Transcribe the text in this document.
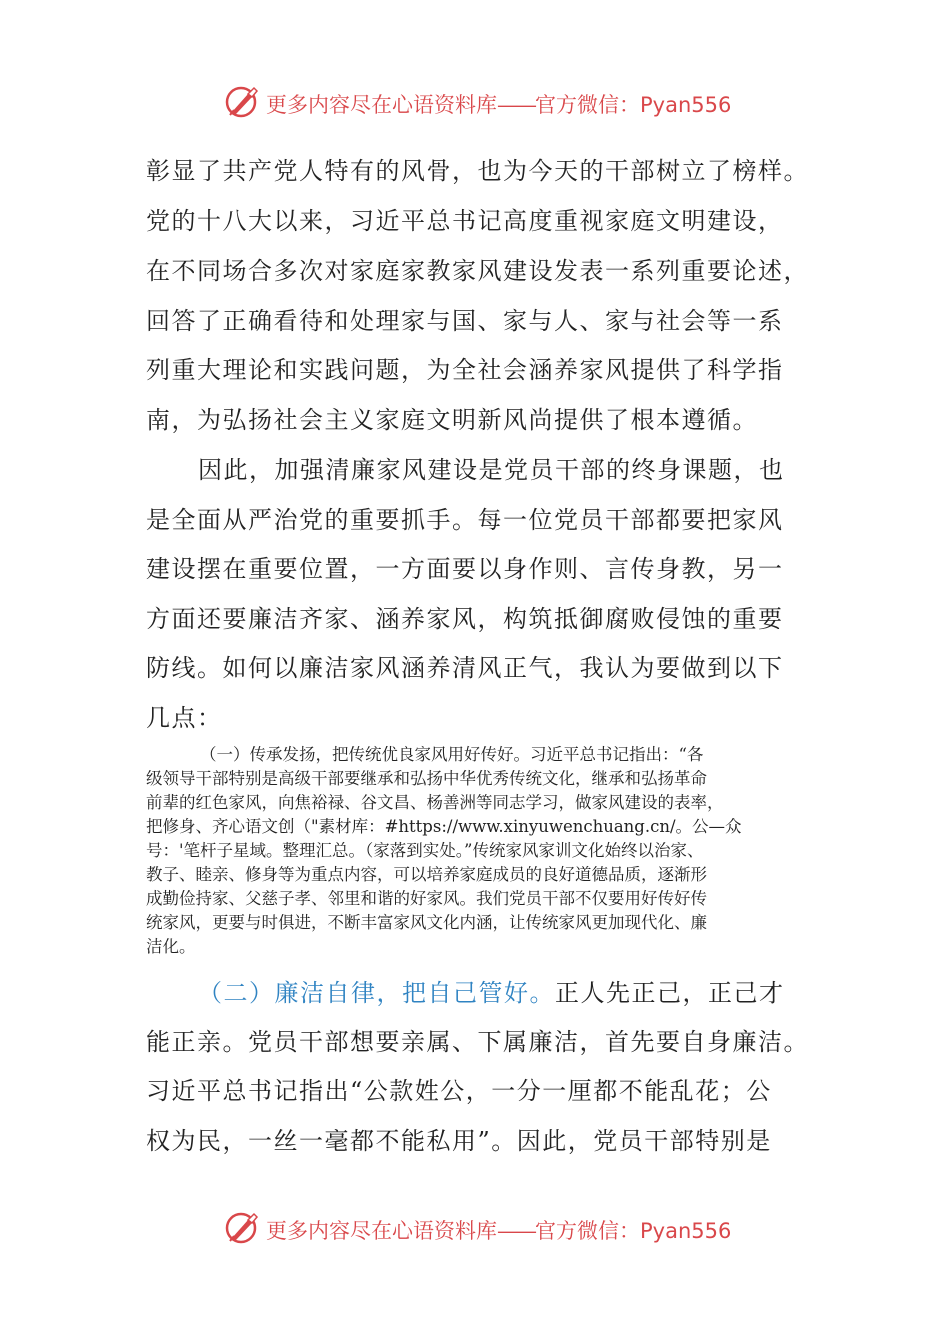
更多内容尽在心语资料库——官方微信：Pyan556
彰显了共产党人特有的风骨，也为今天的干部树立了榜样。
党的十八大以来，习近平总书记高度重视家庭文明建设，
在不同场合多次对家庭家教家风建设发表一系列重要论述，
回答了正确看待和处理家与国、家与人、家与社会等一系
列重大理论和实践问题，为全社会涵养家风提供了科学指
南，为弘扬社会主义家庭文明新风尚提供了根本遵循。
因此，加强清廉家风建设是党员干部的终身课题，也
是全面从严治党的重要抓手。每一位党员干部都要把家风
建设摆在重要位置，一方面要以身作则、言传身教，另一
方面还要廉洁齐家、涵养家风，构筑抵御腐败侵蚀的重要
防线。如何以廉洁家风涵养清风正气，我认为要做到以下
几点：
（一）传承发扬，把传统优良家风用好传好。习近平总书记指出：“各
级领导干部特别是高级干部要继承和弘扬中华优秀传统文化，继承和弘扬革命
前辈的红色家风，向焦裕禄、谷文昌、杨善洲等同志学习，做家风建设的表率，
把修身、齐心语文创（"素材库：#https://www.xinyuwenchuang.cn/。公—众
号：'笔杆子星域。整理汇总。（家落到实处。”传统家风家训文化始终以治家、
教子、睦亲、修身等为重点内容，可以培养家庭成员的良好道德品质，逐渐形
成勤俭持家、父慈子孝、邻里和谐的好家风。我们党员干部不仅要用好传好传
统家风，更要与时俱进，不断丰富家风文化内涵，让传统家风更加现代化、廉
洁化。
（二）廉洁自律，把自己管好。正人先正己，正己才
能正亲。党员干部想要亲属、下属廉洁，首先要自身廉洁。
习近平总书记指出“公款姓公，一分一厘都不能乱花；公
权为民，一丝一毫都不能私用”。因此，党员干部特别是
更多内容尽在心语资料库——官方微信：Pyan556
